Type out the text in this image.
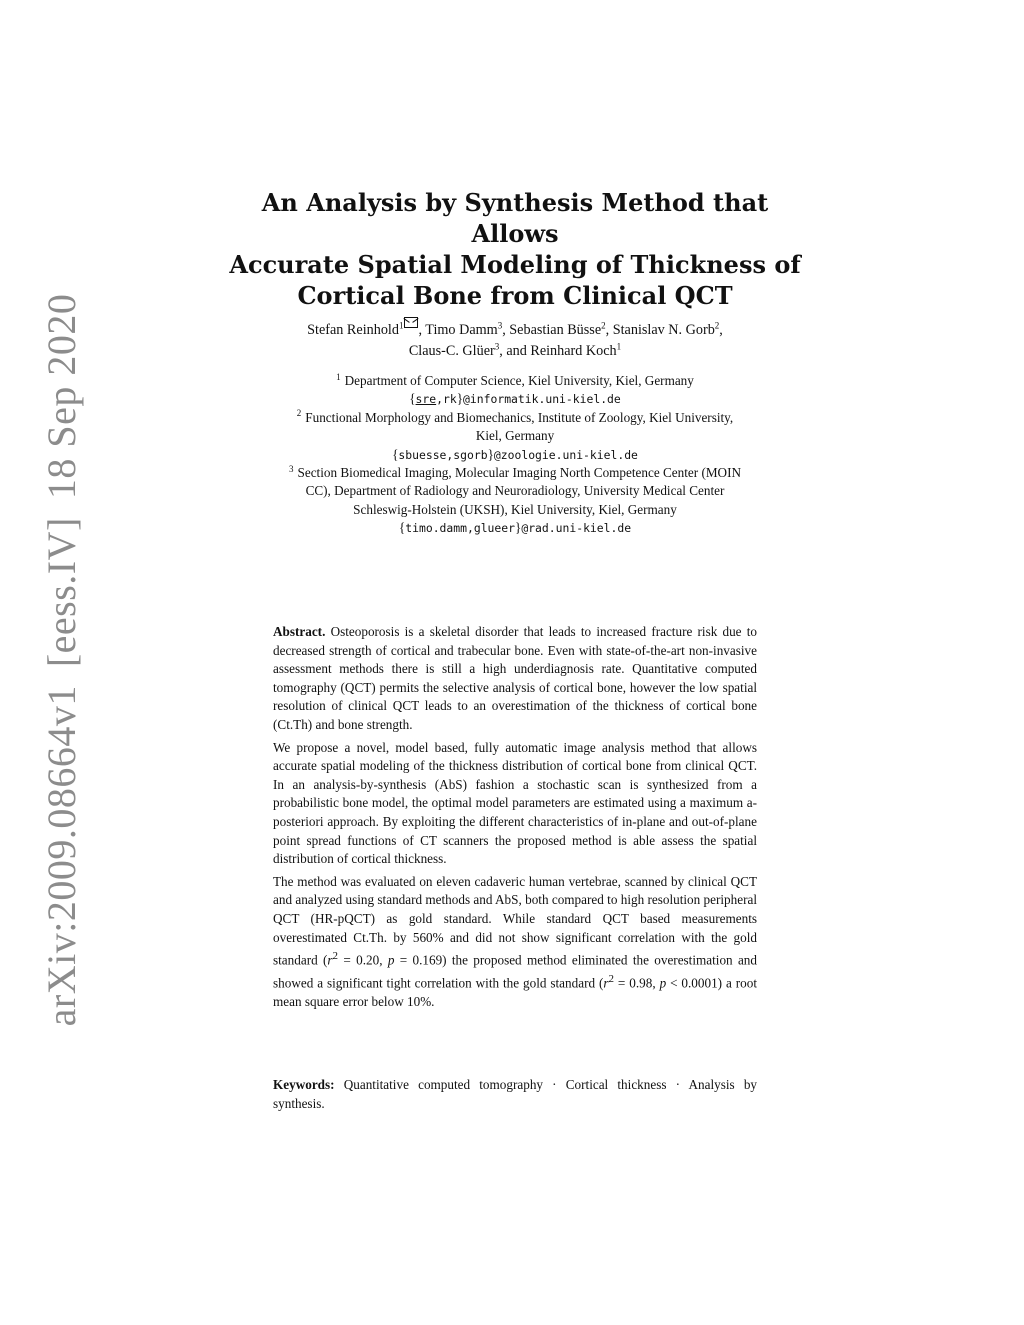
arXiv:2009.08664v1[eess.IV]18 Sep 2020
An Analysis by Synthesis Method that Allows
Accurate Spatial Modeling of Thickness of
Cortical Bone from Clinical QCT
Stefan Reinhold$^1$ , Timo Damm$^3$, Sebastian Büsse$^2$, Stanislav N. Gorb$^2$,
Claus-C. Glüer$^3$, and Reinhard Koch$^1$
$^1$ Department of Computer Science, Kiel University, Kiel, Germany
{sre,rk}@informatik.uni-kiel.de
$^2$ Functional Morphology and Biomechanics, Institute of Zoology, Kiel University,
Kiel, Germany
{sbuesse,sgorb}@zoologie.uni-kiel.de
$^3$ Section Biomedical Imaging, Molecular Imaging North Competence Center (MOIN
CC), Department of Radiology and Neuroradiology, University Medical Center
Schleswig-Holstein (UKSH), Kiel University, Kiel, Germany
{timo.damm,glueer}@rad.uni-kiel.de

Abstract. Osteoporosis is a skeletal disorder that leads to increased fracture risk due to decreased strength of cortical and trabecular bone. Even with state-of-the-art non-invasive assessment methods there is still a high underdiagnosis rate. Quantitative computed tomography (QCT) permits the selective analysis of cortical bone, however the low spatial resolution of clinical QCT leads to an overestimation of the thickness of cortical bone (Ct.Th) and bone strength.

We propose a novel, model based, fully automatic image analysis method that allows accurate spatial modeling of the thickness distribution of cortical bone from clinical QCT. In an analysis-by-synthesis (AbS) fashion a stochastic scan is synthesized from a probabilistic bone model, the optimal model parameters are estimated using a maximum a-posteriori approach. By exploiting the different characteristics of in-plane and out-of-plane point spread functions of CT scanners the proposed method is able assess the spatial distribution of cortical thickness.

The method was evaluated on eleven cadaveric human vertebrae, scanned by clinical QCT and analyzed using standard methods and AbS, both compared to high resolution peripheral QCT (HR-pQCT) as gold standard. While standard QCT based measurements overestimated Ct.Th. by 560% and did not show significant correlation with the gold standard ($r^2 = 0.20$, p = 0.169) the proposed method eliminated the overestimation and showed a significant tight correlation with the gold standard ($r^2 = 0.98$, p < 0.0001) a root mean square error below 10%.

Keywords: Quantitative computed tomography · Cortical thickness · Analysis by synthesis.
